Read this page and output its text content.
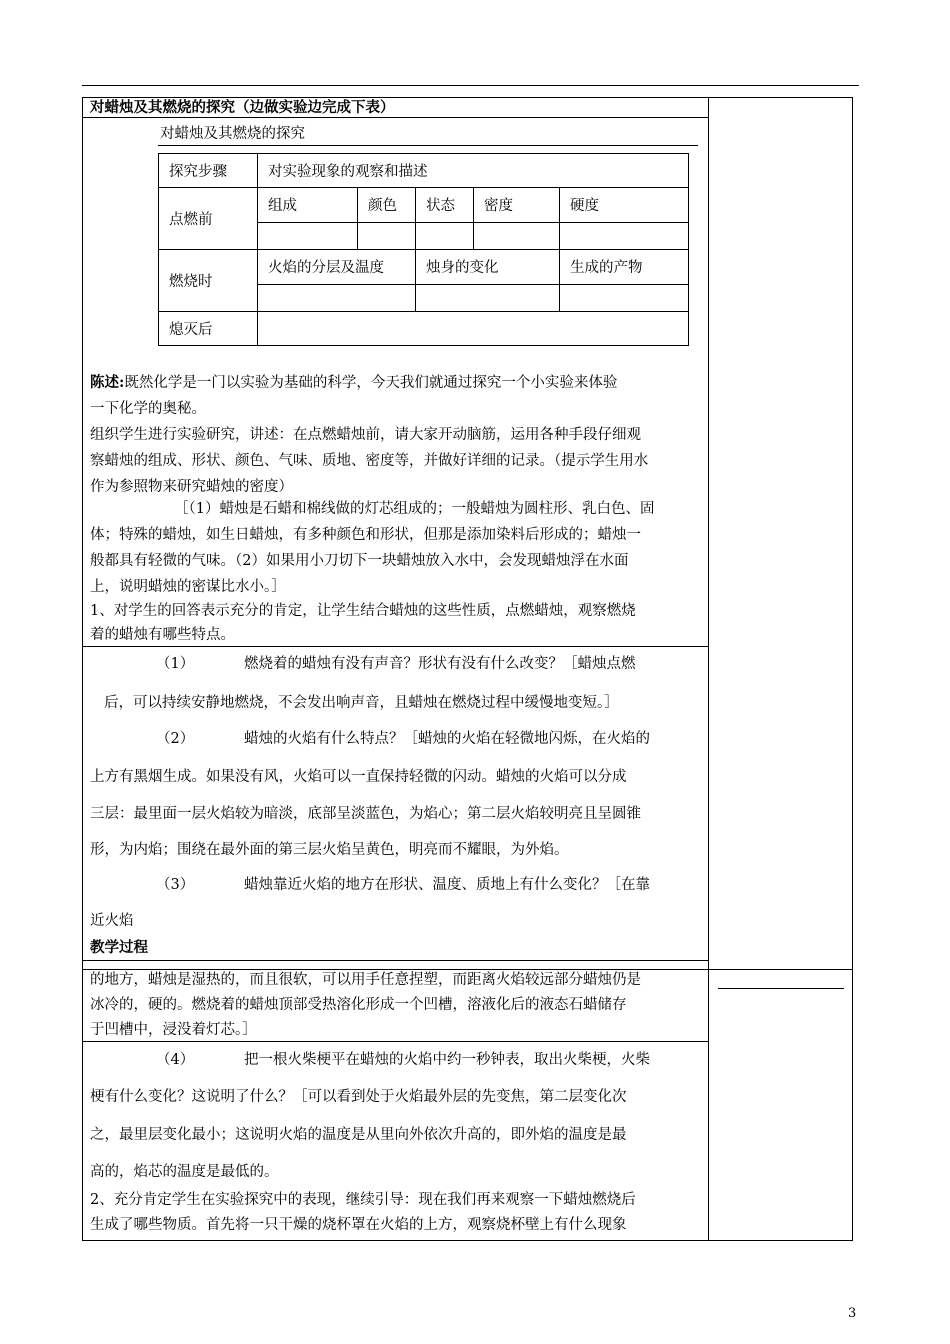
对蜡烛及其燃烧的探究（边做实验边完成下表）
对蜡烛及其燃烧的探究
探究步骤	对实验现象的观察和描述				
点燃前	组成	颜色	状态	密度	硬度

燃烧时	火焰的分层及温度		烛身的变化		生成的产物

熄灭后					
陈述:既然化学是一门以实验为基础的科学，今天我们就通过探究一个小实验来体验
一下化学的奥秘。
组织学生进行实验研究，讲述：在点燃蜡烛前，请大家开动脑筋，运用各种手段仔细观
察蜡烛的组成、形状、颜色、气味、质地、密度等，并做好详细的记录。（提示学生用水
作为参照物来研究蜡烛的密度）
［（1）蜡烛是石蜡和棉线做的灯芯组成的；一般蜡烛为圆柱形、乳白色、固
体；特殊的蜡烛，如生日蜡烛，有多种颜色和形状，但那是添加染料后形成的；蜡烛一
般都具有轻微的气味。（2）如果用小刀切下一块蜡烛放入水中，会发现蜡烛浮在水面
上，说明蜡烛的密谋比水小。］
1、对学生的回答表示充分的肯定，让学生结合蜡烛的这些性质，点燃蜡烛，观察燃烧
着的蜡烛有哪些特点。
（1）	燃烧着的蜡烛有没有声音？形状有没有什么改变？［蜡烛点燃
后，可以持续安静地燃烧，不会发出响声音，且蜡烛在燃烧过程中缓慢地变短。］
（2）	蜡烛的火焰有什么特点？［蜡烛的火焰在轻微地闪烁，在火焰的
上方有黑烟生成。如果没有风，火焰可以一直保持轻微的闪动。蜡烛的火焰可以分成
三层：最里面一层火焰较为暗淡，底部呈淡蓝色，为焰心；第二层火焰较明亮且呈圆锥
形，为内焰；围绕在最外面的第三层火焰呈黄色，明亮而不耀眼，为外焰。
（3）	蜡烛靠近火焰的地方在形状、温度、质地上有什么变化？［在靠
近火焰
教学过程
的地方，蜡烛是湿热的，而且很软，可以用手任意捏塑，而距离火焰较远部分蜡烛仍是
冰冷的，硬的。燃烧着的蜡烛顶部受热溶化形成一个凹槽，溶液化后的液态石蜡储存
于凹槽中，浸没着灯芯。］
（4）	把一根火柴梗平在蜡烛的火焰中约一秒钟表，取出火柴梗，火柴
梗有什么变化？这说明了什么？［可以看到处于火焰最外层的先变焦，第二层变化次
之，最里层变化最小；这说明火焰的温度是从里向外依次升高的，即外焰的温度是最
高的，焰芯的温度是最低的。
2、充分肯定学生在实验探究中的表现，继续引导：现在我们再来观察一下蜡烛燃烧后
生成了哪些物质。首先将一只干燥的烧杯罩在火焰的上方，观察烧杯壁上有什么现象
3
